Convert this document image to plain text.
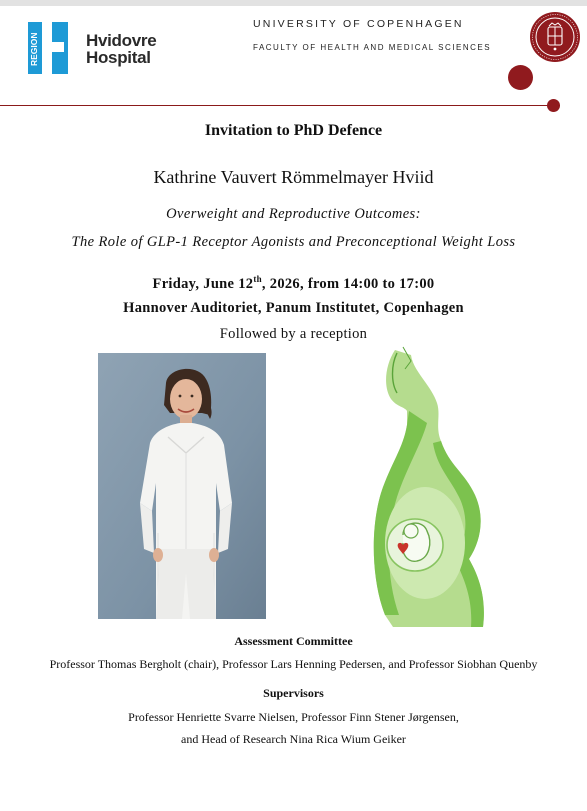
REGION	Hvidovre
Hospital
UNIVERSITY OF COPENHAGEN
FACULTY OF HEALTH AND MEDICAL SCIENCES
Invitation to PhD Defence
Kathrine Vauvert Römmelmayer Hviid
Overweight and Reproductive Outcomes:
The Role of GLP-1 Receptor Agonists and Preconceptional Weight Loss
Friday, June 12th, 2026, from 14:00 to 17:00
Hannover Auditoriet, Panum Institutet, Copenhagen
Followed by a reception
Assessment Committee
Professor Thomas Bergholt (chair), Professor Lars Henning Pedersen, and Professor Siobhan Quenby
Supervisors
Professor Henriette Svarre Nielsen, Professor Finn Stener Jørgensen,
and Head of Research Nina Rica Wium Geiker
